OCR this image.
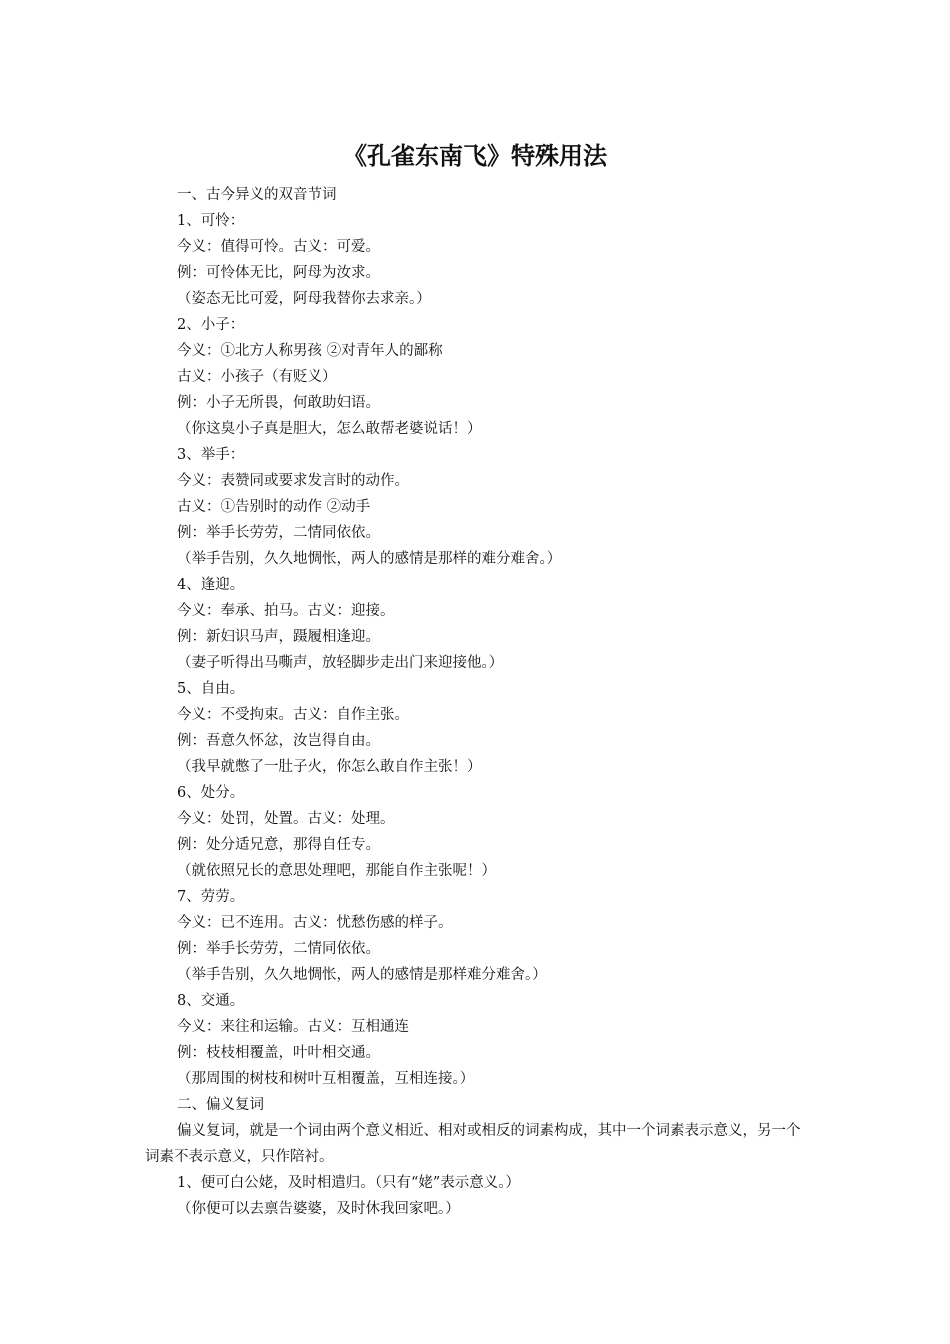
《孔雀东南飞》特殊用法
一、古今异义的双音节词
1、可怜：
今义：值得可怜。古义：可爱。
例：可怜体无比，阿母为汝求。
（姿态无比可爱，阿母我替你去求亲。）
2、小子：
今义：①北方人称男孩 ②对青年人的鄙称
古义：小孩子（有贬义）
例：小子无所畏，何敢助妇语。
（你这臭小子真是胆大，怎么敢帮老婆说话！）
3、举手：
今义：表赞同或要求发言时的动作。
古义：①告别时的动作 ②动手
例：举手长劳劳，二情同依依。
（举手告别，久久地惆怅，两人的感情是那样的难分难舍。）
4、逢迎。
今义：奉承、拍马。古义：迎接。
例：新妇识马声，蹑履相逢迎。
（妻子听得出马嘶声，放轻脚步走出门来迎接他。）
5、自由。
今义：不受拘束。古义：自作主张。
例：吾意久怀忿，汝岂得自由。
（我早就憋了一肚子火，你怎么敢自作主张！）
6、处分。
今义：处罚，处置。古义：处理。
例：处分适兄意，那得自任专。
（就依照兄长的意思处理吧，那能自作主张呢！）
7、劳劳。
今义：已不连用。古义：忧愁伤感的样子。
例：举手长劳劳，二情同依依。
（举手告别，久久地惆怅，两人的感情是那样难分难舍。）
8、交通。
今义：来往和运输。古义：互相通连
例：枝枝相覆盖，叶叶相交通。
（那周围的树枝和树叶互相覆盖，互相连接。）
二、偏义复词
偏义复词，就是一个词由两个意义相近、相对或相反的词素构成，其中一个词素表示意义，另一个词素不表示意义，只作陪衬。
1、便可白公姥，及时相遣归。（只有“姥”表示意义。）
（你便可以去禀告婆婆，及时休我回家吧。）
